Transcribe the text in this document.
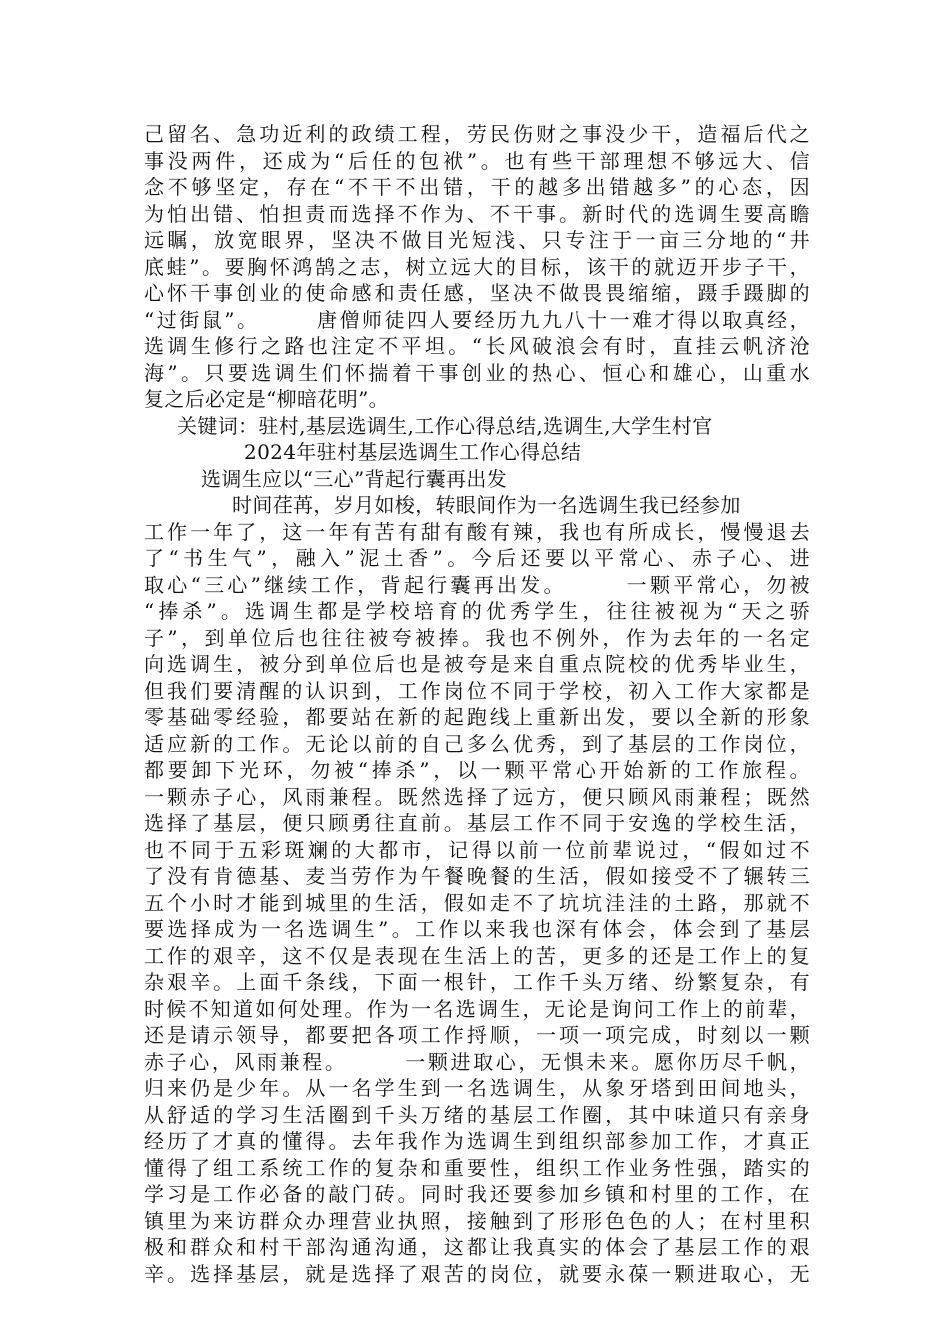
己留名、急功近利的政绩工程，劳民伤财之事没少干，造福后代之
事没两件，还成为“后任的包袱”。也有些干部理想不够远大、信
念不够坚定，存在“不干不出错，干的越多出错越多”的心态，因
为怕出错、怕担责而选择不作为、不干事。新时代的选调生要高瞻
远瞩，放宽眼界，坚决不做目光短浅、只专注于一亩三分地的“井
底蛙”。要胸怀鸿鹄之志，树立远大的目标，该干的就迈开步子干，
心怀干事创业的使命感和责任感，坚决不做畏畏缩缩，蹑手蹑脚的
“过街鼠”。　　　唐僧师徒四人要经历九九八十一难才得以取真经，
选调生修行之路也注定不平坦。“长风破浪会有时，直挂云帆济沧
海”。只要选调生们怀揣着干事创业的热心、恒心和雄心，山重水
复之后必定是“柳暗花明”。
关键词：驻村,基层选调生,工作心得总结,选调生,大学生村官
2024年驻村基层选调生工作心得总结
选调生应以“三心”背起行囊再出发
时间荏苒，岁月如梭，转眼间作为一名选调生我已经参加
工作一年了，这一年有苦有甜有酸有辣，我也有所成长，慢慢退去
了“书生气”，融入”泥土香”。今后还要以平常心、赤子心、进
取心“三心”继续工作，背起行囊再出发。　　　一颗平常心，勿被
“捧杀”。选调生都是学校培育的优秀学生，往往被视为“天之骄
子”，到单位后也往往被夸被捧。我也不例外，作为去年的一名定
向选调生，被分到单位后也是被夸是来自重点院校的优秀毕业生，
但我们要清醒的认识到，工作岗位不同于学校，初入工作大家都是
零基础零经验，都要站在新的起跑线上重新出发，要以全新的形象
适应新的工作。无论以前的自己多么优秀，到了基层的工作岗位，
都要卸下光环，勿被“捧杀”，以一颗平常心开始新的工作旅程。
一颗赤子心，风雨兼程。既然选择了远方，便只顾风雨兼程；既然
选择了基层，便只顾勇往直前。基层工作不同于安逸的学校生活，
也不同于五彩斑斓的大都市，记得以前一位前辈说过，“假如过不
了没有肯德基、麦当劳作为午餐晚餐的生活，假如接受不了辗转三
五个小时才能到城里的生活，假如走不了坑坑洼洼的土路，那就不
要选择成为一名选调生”。工作以来我也深有体会，体会到了基层
工作的艰辛，这不仅是表现在生活上的苦，更多的还是工作上的复
杂艰辛。上面千条线，下面一根针，工作千头万绪、纷繁复杂，有
时候不知道如何处理。作为一名选调生，无论是询问工作上的前辈，
还是请示领导，都要把各项工作捋顺，一项一项完成，时刻以一颗
赤子心，风雨兼程。　　　一颗进取心，无惧未来。愿你历尽千帆，
归来仍是少年。从一名学生到一名选调生，从象牙塔到田间地头，
从舒适的学习生活圈到千头万绪的基层工作圈，其中味道只有亲身
经历了才真的懂得。去年我作为选调生到组织部参加工作，才真正
懂得了组工系统工作的复杂和重要性，组织工作业务性强，踏实的
学习是工作必备的敲门砖。同时我还要参加乡镇和村里的工作，在
镇里为来访群众办理营业执照，接触到了形形色色的人；在村里积
极和群众和村干部沟通沟通，这都让我真实的体会了基层工作的艰
辛。选择基层，就是选择了艰苦的岗位，就要永葆一颗进取心，无
